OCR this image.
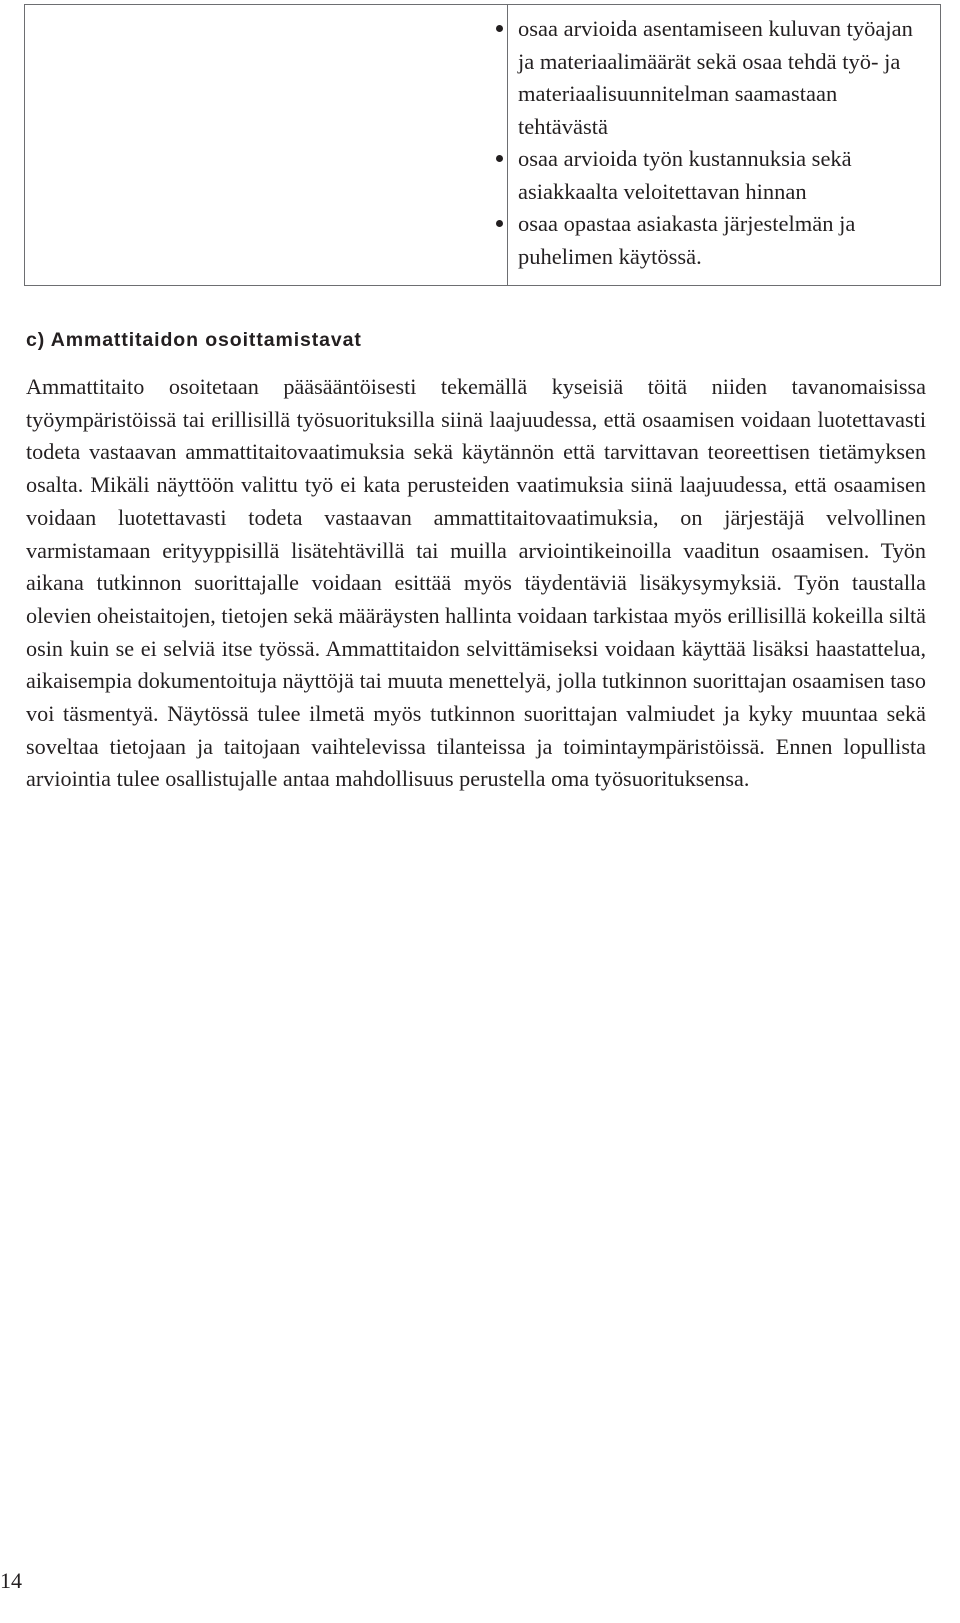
osaa arvioida asentamiseen kuluvan työajan ja materiaalimäärät sekä osaa tehdä työ- ja materiaalisuunnitelman saamastaan tehtävästä
osaa arvioida työn kustannuksia sekä asiakkaalta veloitettavan hinnan
osaa opastaa asiakasta järjestelmän ja puhelimen käytössä.
c) Ammattitaidon osoittamistavat

Ammattitaito osoitetaan pääsääntöisesti tekemällä kyseisiä töitä niiden tavanomaisissa työympäristöissä tai erillisillä työsuorituksilla siinä laajuudessa, että osaamisen voidaan luotettavasti todeta vastaavan ammattitaitovaatimuksia sekä käytännön että tarvittavan teoreettisen tietämyksen osalta. Mikäli näyttöön valittu työ ei kata perusteiden vaatimuksia siinä laajuudessa, että osaamisen voidaan luotettavasti todeta vastaavan ammattitaitovaatimuksia, on järjestäjä velvollinen varmistamaan erityyppisillä lisätehtävillä tai muilla arviointikeinoilla vaaditun osaamisen. Työn aikana tutkinnon suorittajalle voidaan esittää myös täydentäviä lisäkysymyksiä. Työn taustalla olevien oheistaitojen, tietojen sekä määräysten hallinta voidaan tarkistaa myös erillisillä kokeilla siltä osin kuin se ei selviä itse työssä. Ammattitaidon selvittämiseksi voidaan käyttää lisäksi haastattelua, aikaisempia dokumentoituja näyttöjä tai muuta menettelyä, jolla tutkinnon suorittajan osaamisen taso voi täsmentyä. Näytössä tulee ilmetä myös tutkinnon suorittajan valmiudet ja kyky muuntaa sekä soveltaa tietojaan ja taitojaan vaihtelevissa tilanteissa ja toimintaympäristöissä. Ennen lopullista arviointia tulee osallistujalle antaa mahdollisuus perustella oma työsuorituksensa.

14
